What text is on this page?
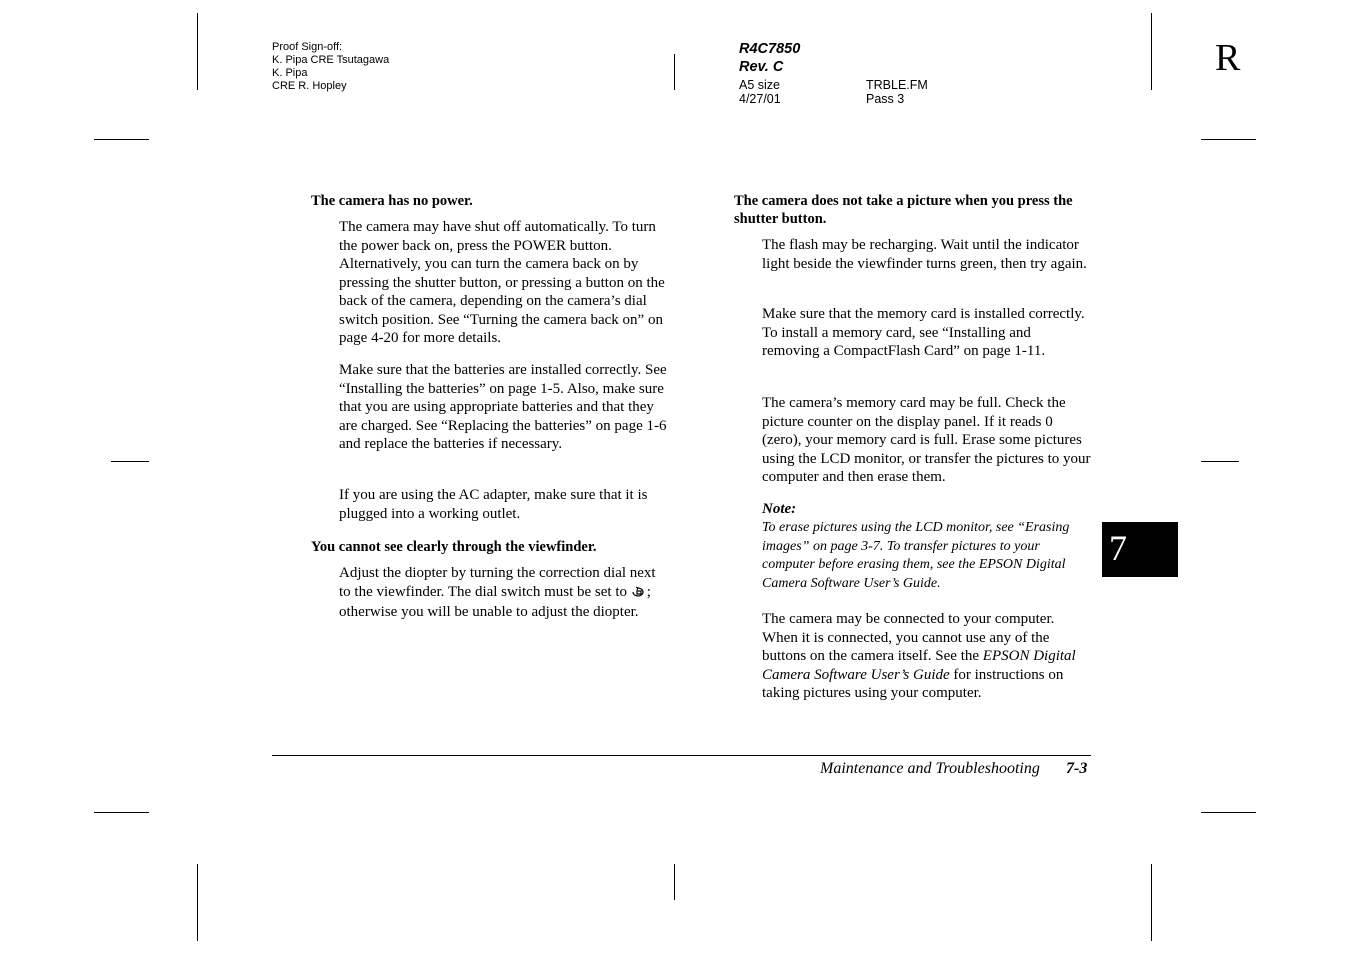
Proof Sign-off:
K. Pipa CRE Tsutagawa
K. Pipa
CRE R. Hopley
R4C7850
Rev. C
A5 size	TRBLE.FM
4/27/01	Pass 3
R
The camera has no power.
The camera may have shut off automatically. To turn the power back on, press the POWER button. Alternatively, you can turn the camera back on by pressing the shutter button, or pressing a button on the back of the camera, depending on the camera’s dial switch position. See “Turning the camera back on” on page 4-20 for more details.
Make sure that the batteries are installed correctly. See “Installing the batteries” on page 1-5. Also, make sure that you are using appropriate batteries and that they are charged. See “Replacing the batteries” on page 1-6 and replace the batteries if necessary.
If you are using the AC adapter, make sure that it is plugged into a working outlet.
You cannot see clearly through the viewfinder.
Adjust the diopter by turning the correction dial next to the viewfinder. The dial switch must be set to ; otherwise you will be unable to adjust the diopter.
The camera does not take a picture when you press the shutter button.
The flash may be recharging. Wait until the indicator light beside the viewfinder turns green, then try again.
Make sure that the memory card is installed correctly. To install a memory card, see “Installing and removing a CompactFlash Card” on page 1-11.
The camera’s memory card may be full. Check the picture counter on the display panel. If it reads 0 (zero), your memory card is full. Erase some pictures using the LCD monitor, or transfer the pictures to your computer and then erase them.
Note:
To erase pictures using the LCD monitor, see “Erasing images” on page 3-7. To transfer pictures to your computer before erasing them, see the EPSON Digital Camera Software User’s Guide.
The camera may be connected to your computer. When it is connected, you cannot use any of the buttons on the camera itself. See the EPSON Digital Camera Software User’s Guide for instructions on taking pictures using your computer.
7
Maintenance and Troubleshooting 7-3
